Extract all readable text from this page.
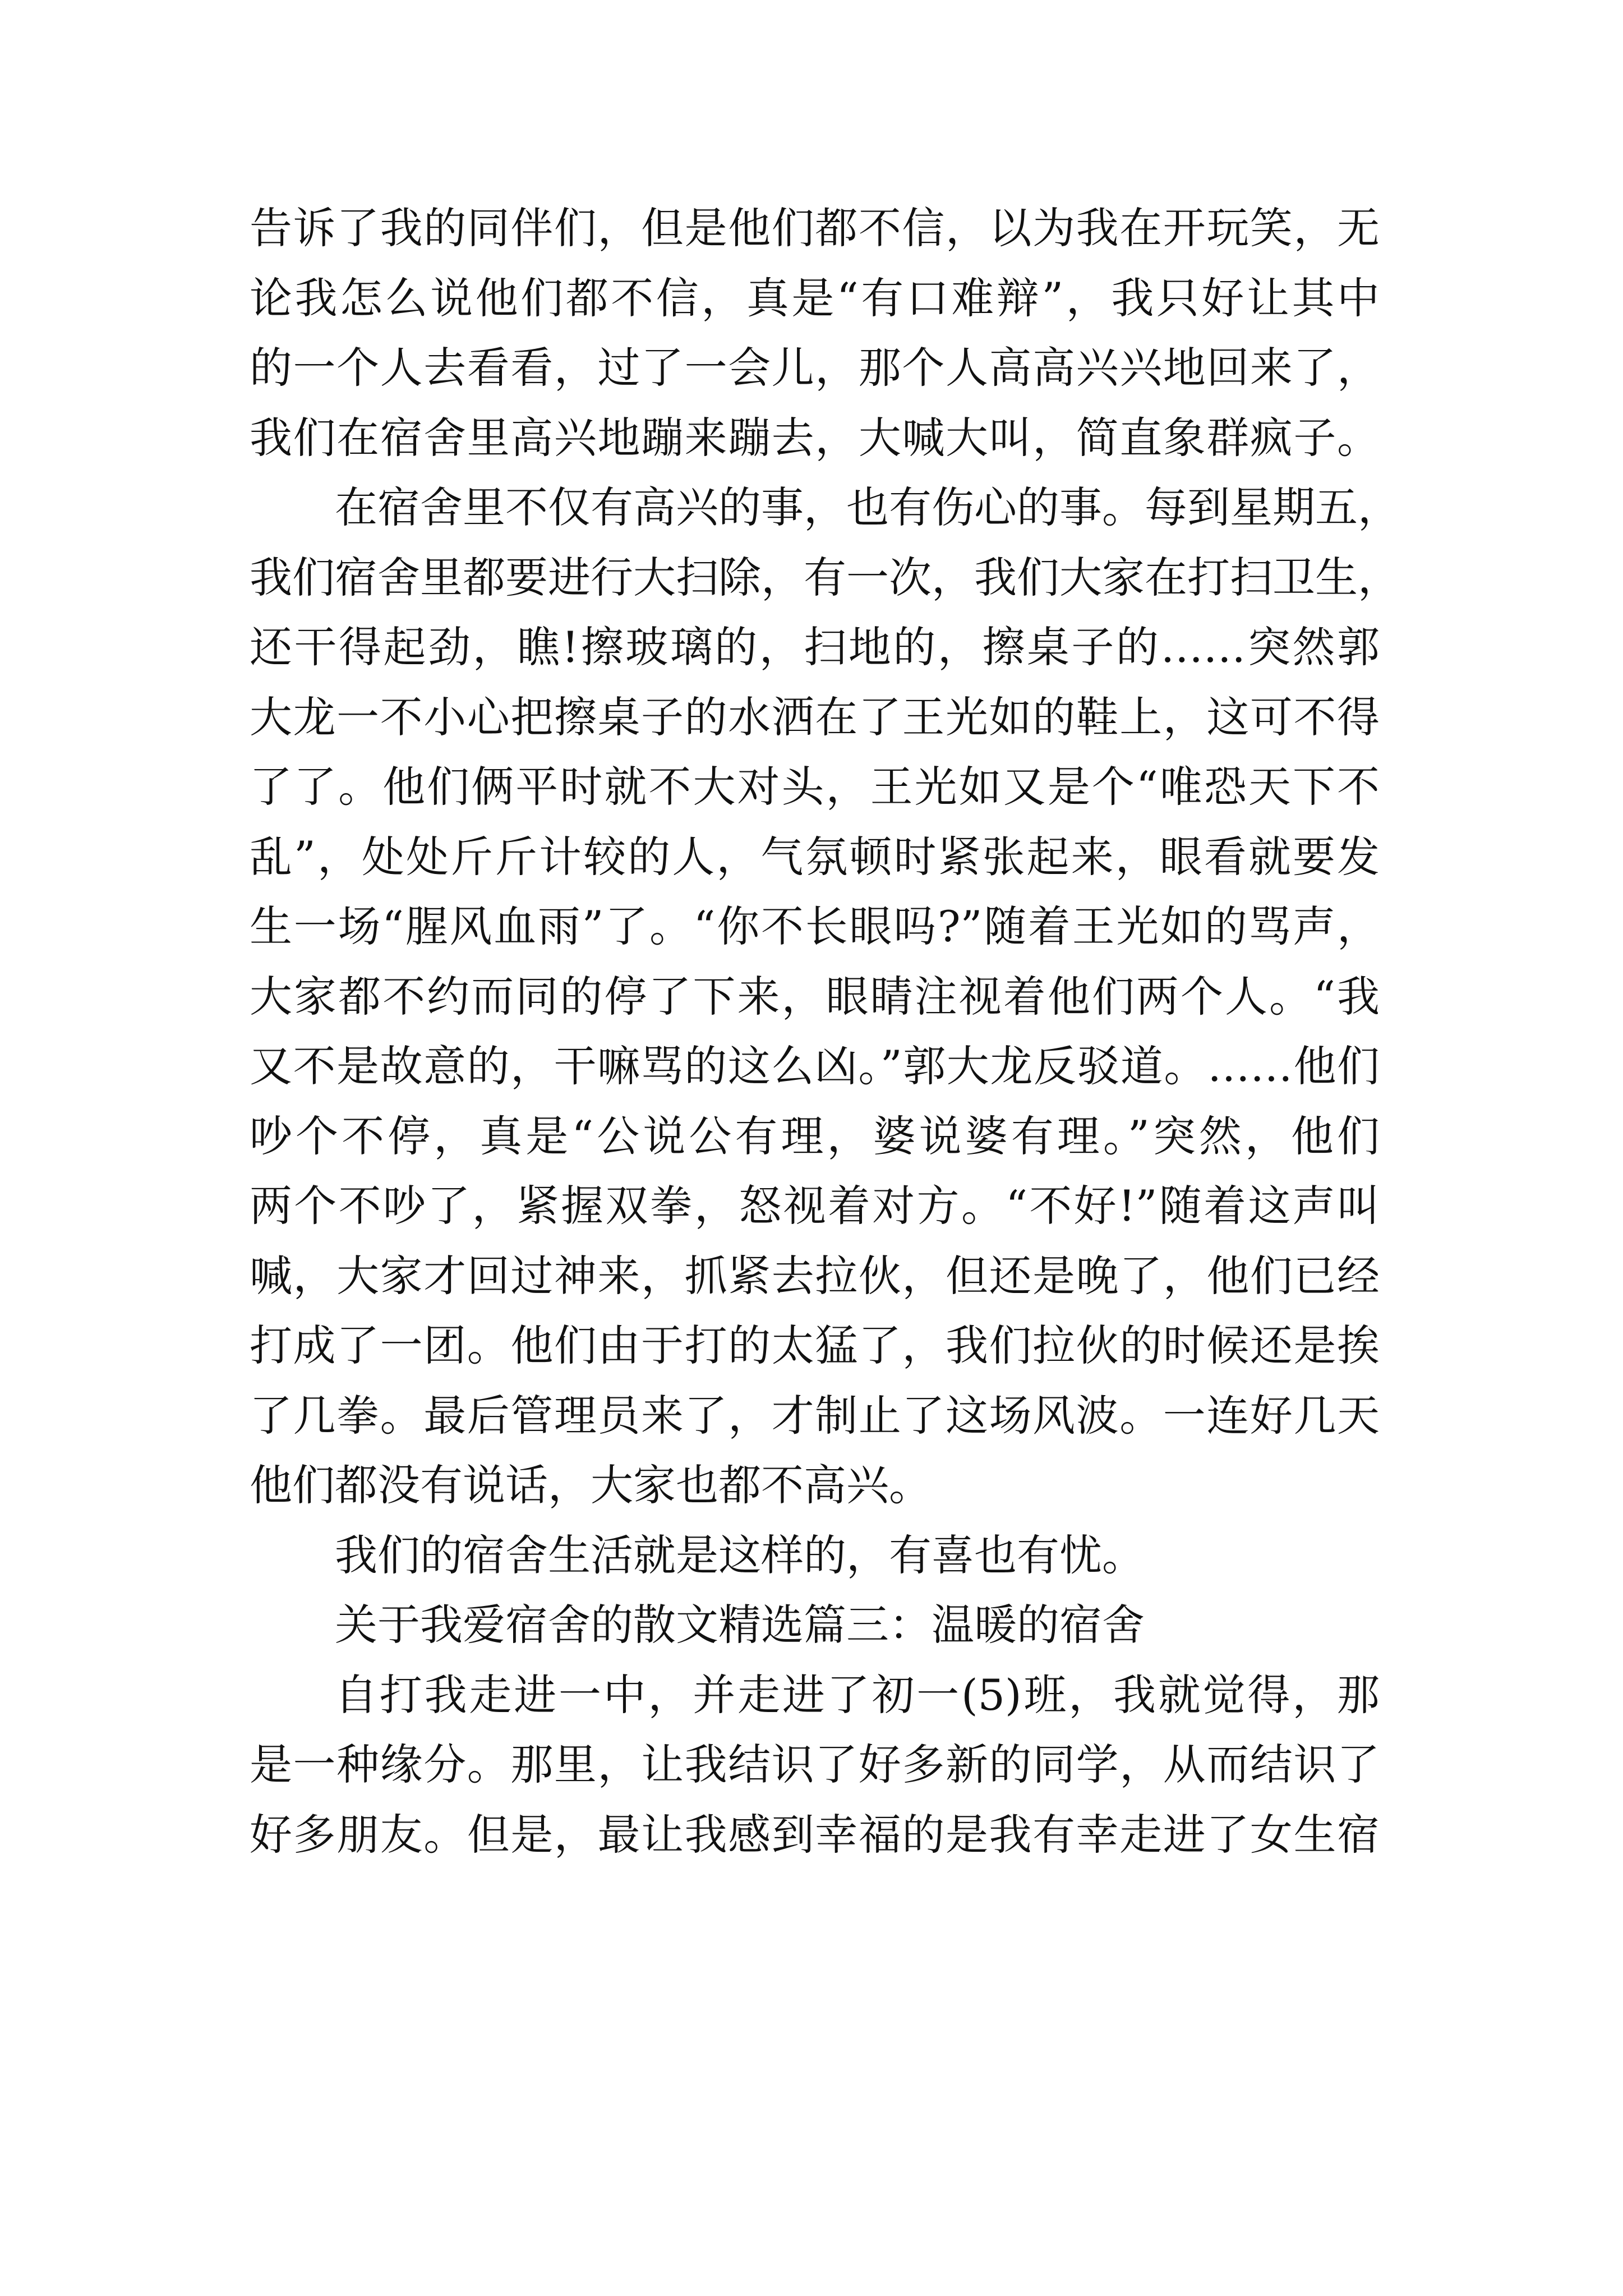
告诉了我的同伴们，但是他们都不信，以为我在开玩笑，无
论我怎么说他们都不信，真是“有口难辩”，我只好让其中
的一个人去看看，过了一会儿，那个人高高兴兴地回来了，
我们在宿舍里高兴地蹦来蹦去，大喊大叫，简直象群疯子。
在宿舍里不仅有高兴的事，也有伤心的事。每到星期五，
我们宿舍里都要进行大扫除，有一次，我们大家在打扫卫生，
还干得起劲，瞧!擦玻璃的，扫地的，擦桌子的……突然郭
大龙一不小心把擦桌子的水洒在了王光如的鞋上，这可不得
了了。他们俩平时就不大对头，王光如又是个“唯恐天下不
乱”，处处斤斤计较的人，气氛顿时紧张起来，眼看就要发
生一场“腥风血雨”了。“你不长眼吗?”随着王光如的骂声，
大家都不约而同的停了下来，眼睛注视着他们两个人。“我
又不是故意的，干嘛骂的这么凶。”郭大龙反驳道。……他们
吵个不停，真是“公说公有理，婆说婆有理。”突然，他们
两个不吵了，紧握双拳，怒视着对方。“不好!”随着这声叫
喊，大家才回过神来，抓紧去拉伙，但还是晚了，他们已经
打成了一团。他们由于打的太猛了，我们拉伙的时候还是挨
了几拳。最后管理员来了，才制止了这场风波。一连好几天
他们都没有说话，大家也都不高兴。
我们的宿舍生活就是这样的，有喜也有忧。
关于我爱宿舍的散文精选篇三：温暖的宿舍
自打我走进一中，并走进了初一(5)班，我就觉得，那
是一种缘分。那里，让我结识了好多新的同学，从而结识了
好多朋友。但是，最让我感到幸福的是我有幸走进了女生宿
